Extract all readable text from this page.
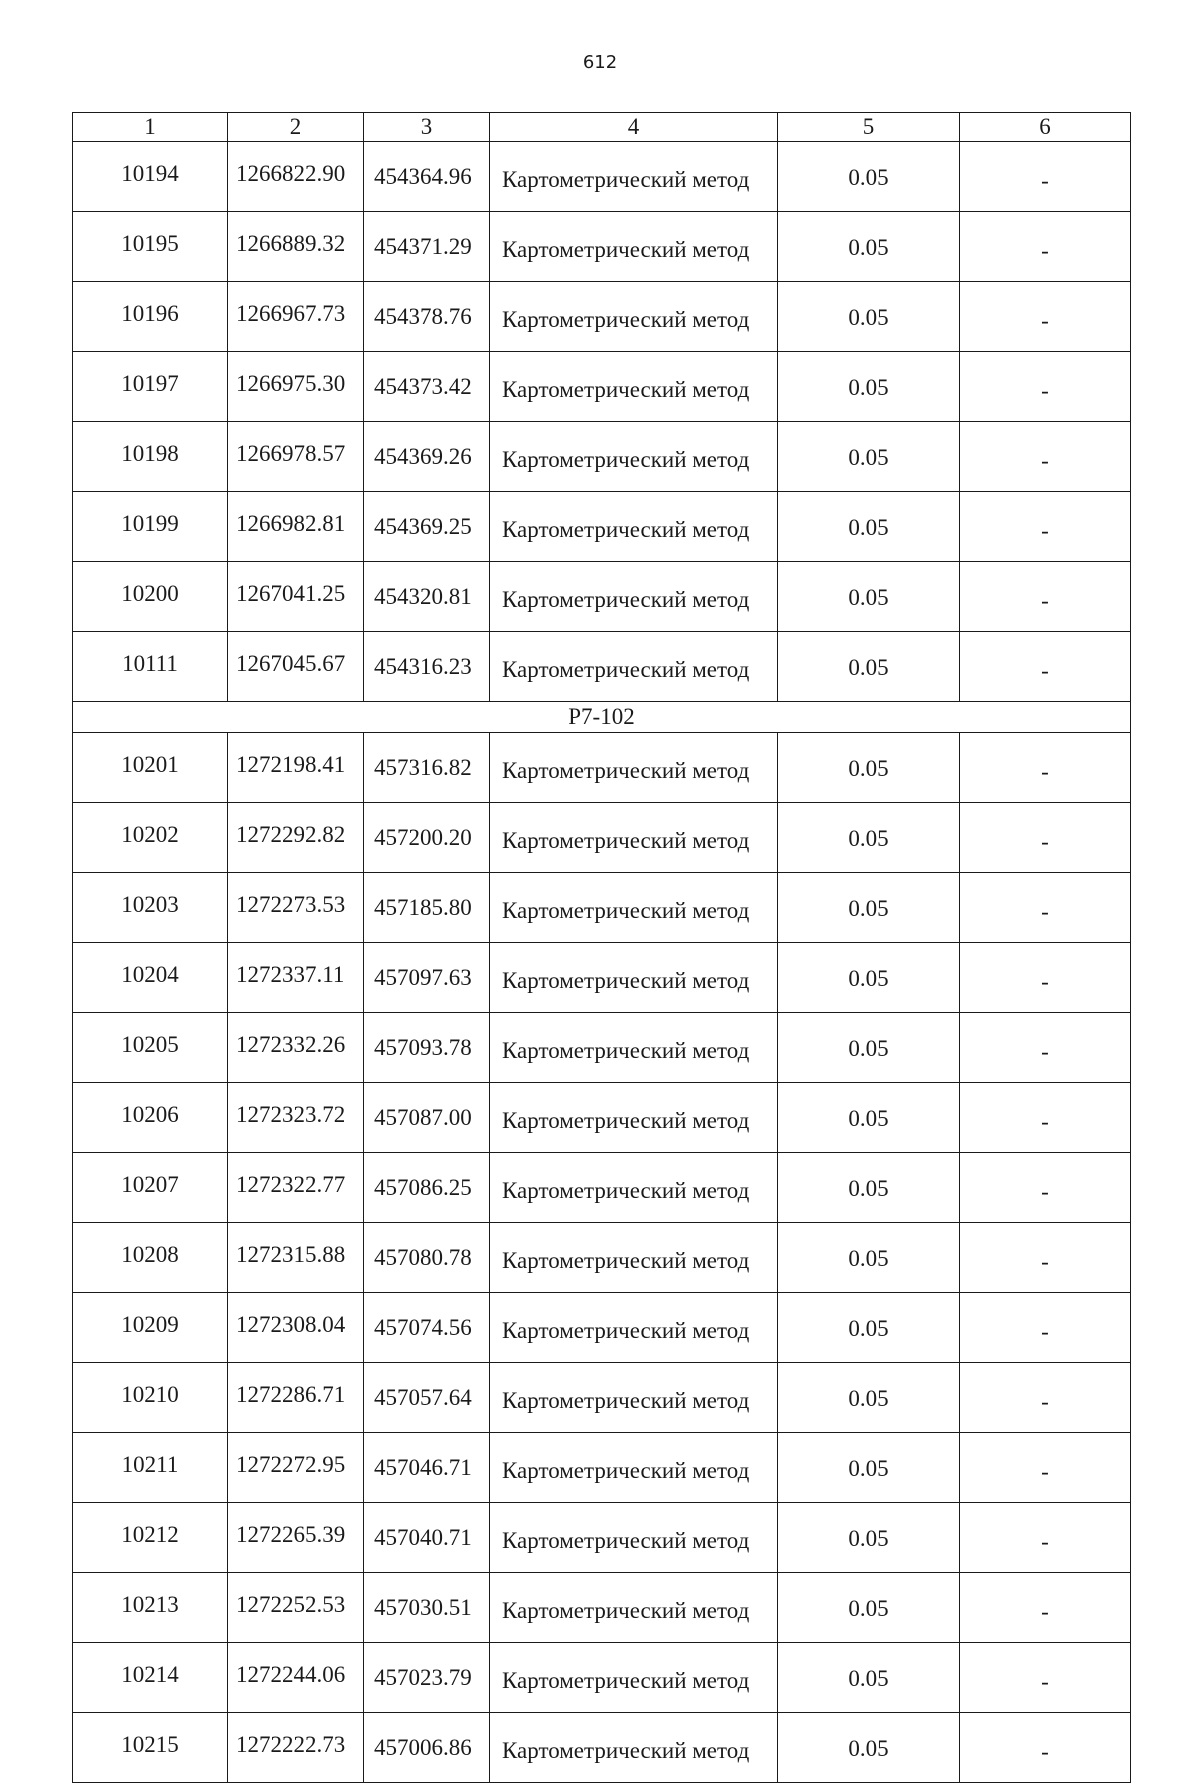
612
1	2	3	4	5	6
10194	1266822.90	454364.96	Картометрический метод	0.05	-
10195	1266889.32	454371.29	Картометрический метод	0.05	-
10196	1266967.73	454378.76	Картометрический метод	0.05	-
10197	1266975.30	454373.42	Картометрический метод	0.05	-
10198	1266978.57	454369.26	Картометрический метод	0.05	-
10199	1266982.81	454369.25	Картометрический метод	0.05	-
10200	1267041.25	454320.81	Картометрический метод	0.05	-
10111	1267045.67	454316.23	Картометрический метод	0.05	-
Р7-102					
10201	1272198.41	457316.82	Картометрический метод	0.05	-
10202	1272292.82	457200.20	Картометрический метод	0.05	-
10203	1272273.53	457185.80	Картометрический метод	0.05	-
10204	1272337.11	457097.63	Картометрический метод	0.05	-
10205	1272332.26	457093.78	Картометрический метод	0.05	-
10206	1272323.72	457087.00	Картометрический метод	0.05	-
10207	1272322.77	457086.25	Картометрический метод	0.05	-
10208	1272315.88	457080.78	Картометрический метод	0.05	-
10209	1272308.04	457074.56	Картометрический метод	0.05	-
10210	1272286.71	457057.64	Картометрический метод	0.05	-
10211	1272272.95	457046.71	Картометрический метод	0.05	-
10212	1272265.39	457040.71	Картометрический метод	0.05	-
10213	1272252.53	457030.51	Картометрический метод	0.05	-
10214	1272244.06	457023.79	Картометрический метод	0.05	-
10215	1272222.73	457006.86	Картометрический метод	0.05	-
